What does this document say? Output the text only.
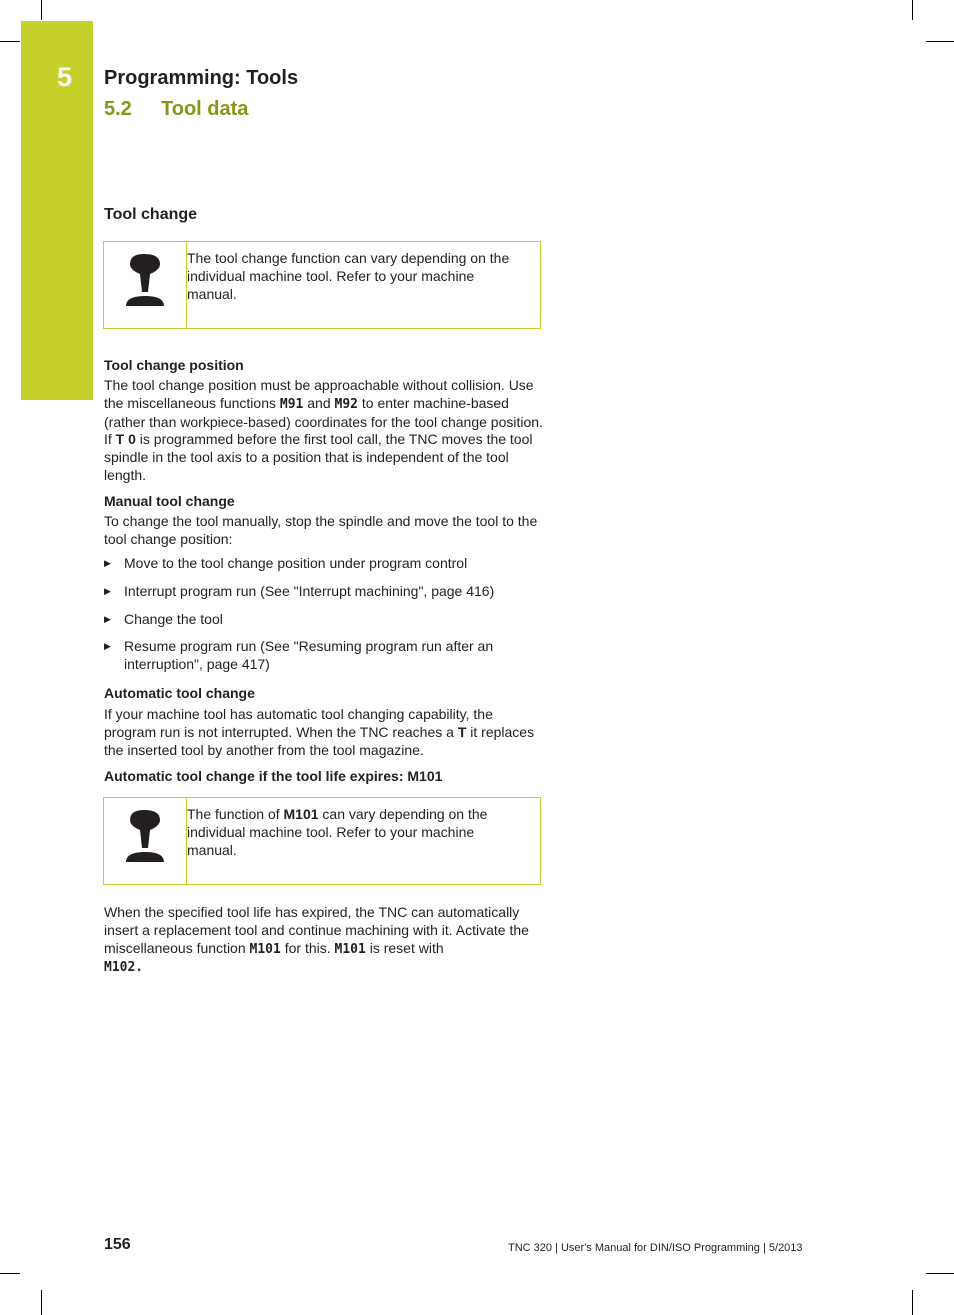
5 Programming: Tools
5.2 Tool data
Tool change
The tool change function can vary depending on the individual machine tool. Refer to your machine manual.
Tool change position
The tool change position must be approachable without collision. Use the miscellaneous functions M91 and M92 to enter machine-based (rather than workpiece-based) coordinates for the tool change position. If T 0 is programmed before the first tool call, the TNC moves the tool spindle in the tool axis to a position that is independent of the tool length.
Manual tool change
To change the tool manually, stop the spindle and move the tool to the tool change position:
▶ Move to the tool change position under program control
▶ Interrupt program run (See "Interrupt machining", page 416)
▶ Change the tool
▶ Resume program run (See "Resuming program run after an interruption", page 417)
Automatic tool change
If your machine tool has automatic tool changing capability, the program run is not interrupted. When the TNC reaches a T it replaces the inserted tool by another from the tool magazine.
Automatic tool change if the tool life expires: M101
The function of M101 can vary depending on the individual machine tool. Refer to your machine manual.
When the specified tool life has expired, the TNC can automatically insert a replacement tool and continue machining with it. Activate the miscellaneous function M101 for this. M101 is reset with
M102.
156	TNC 320 | User's Manual for DIN/ISO Programming | 5/2013
